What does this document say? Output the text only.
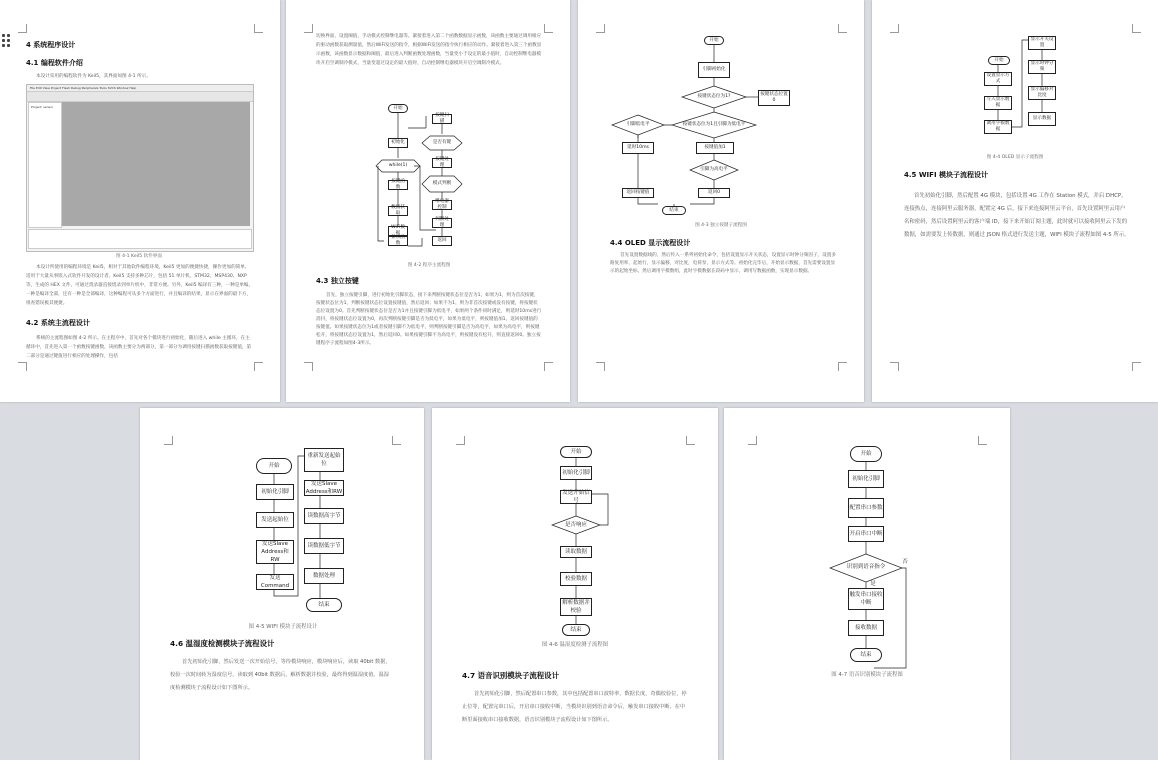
4 系统程序设计
4.1 编程软件介绍
本设计采用的编程软件为 Keil5，其界面如图 4-1 所示。
File Edit View Project Flash Debug Peripherals Tools SVCS Window Help
Project: sensor
图 4-1 Keil5 软件界面
本设计所使用的编程环境是 Keil5，相对于其他软件编程环境，Keil5 更加的便捷快捷，操作更加的简单，适用于大量从事嵌入式软件开发的设计者。Keil5 支持多种芯片，包括 51 单片机、STM32、MSP430、NXP 等，生成的 HEX 文件，可通过烧录器直接烧录到单片机中，非常方便。另外，Keil5 编译有三种，一种是单编，一种是编译全部，还有一种是全部编译，这种编程可从多个方面进行，并且编译的结果，显示在界面的最下方，排查错误极其便捷。
4.2 系统主流程设计
系统的主流程图如图 4-2 所示。在主程序中，首先对各个模块进行初始化，随后进入 while 主循环，在主循环中，首先进入第一个函数按键函数，该函数主要分为两部分，第一部分为调用按键扫描函数获取按键值，第二部分是通过键值进行相应的处理操作，包括
切换界面、设置阈值、手动模式控制继电器等。紧接着进入第二个函数数据显示函数，该函数主要通过调用相应的驱动函数获取测量值，然后WiFi发送的指令，根据WiFi发送的指令执行相应的动作。紧接着进入第三个函数显示函数，该函数显示数据和阈值，最后进入判断函数处理函数，当量变小于设定的最小值时，自动控制继电器模块开启空调制冷模式，当量变超过设定的最大值时，自动控制继电器模块开启空调制冷模式。
开始
初始化
while(1)
按键函数
数据获取
WiFi数据
显示函数
按键扫描
是否有键
按键处理
模式判断
继电器控制
判断处理
返回
图 4-2 程序主流程图
4.3 独立按键
首先，独立按键引脚，进行初始化引脚状态，接下来判断按键状态位是否为1，如果为1，则为首次按键，按键状态位为1，判断按键状态位设置按键值，然后返回；如果不为1，则为非首次按键或没有按键，将按键状态位设置为0。首先判断按键状态位是否为1并且按键引脚为低电平，如果两个条件同时满足，则延时10ms进行消抖，将按键状态位设置为0，再次判断按键引脚是否为低电平，如果为低电平，则按键值加1，返回按键值的按键值。如果按键状态位为1或者按键引脚不为低电平，则判断按键引脚是否为高电平，如果为高电平，则按键松开，将按键状态位设置为1，然后返回0。如果按键引脚不为高电平，则按键没有松开，则直接返回0。独立按键程序子流程如图4-3所示。
开始
引脚初始化
按键状态位为1?	按键状态位置0
按键状态位为1且引脚为低电平
引脚低电平
延时10ms	按键值加1
引脚为高电平
返回按键值	返回0
结束
图 4-3 独立按键子流程图
4.4 OLED 显示流程设计
首先设置数据线的，然后传入一系列初始化命令，包括设置显示开关状态，设置显示时钟分频因子，设置多路复用率，起始行，显示偏移，对比度，电荷泵，显示方式等。初始化完毕后，开始显示数据，首先需要设置显示的起始坐标，然后调用字模数组，此时字模数据在段码中显示，调用写数据函数，实现显示数据。
开始
设置显示方式
写入显示数据
调用字模数据
显示开关设置
显示时钟分频
显示偏移对比度
显示数据
图 4-4 OLED 显示子流程图
4.5 WIFI 模块子流程设计
首先初始化引脚，然后配置 4G 模块，包括设置 4G 工作在 Station 模式，并启 DHCP，连接热点，连接阿里云服务器，配置完 4G 后，接下来连接阿里云平台，首先设置阿里云用户名和密码，然后设置阿里云的客户端 ID，接下来开始订阅主题，此时就可以接收阿里云下发的数据，如需要发上传数据，则通过 JSON 格式进行发送主题，WIFI 模块子流程如图 4-5 所示。
开始
初始化引脚
发送起始位
发送Slave Address和RW
发送Command
重新发送起始位
发送Slave Address和RW
读数据高字节
读数据低字节
数据处理
结束
图 4-5 WIFI 模块子流程设计
4.6 温湿度检测模块子流程设计
首先初始化引脚，然后发送一次开始信号，等待模块响应，模块响应后，读取 40bit 数据，校验一次时间转为湿度信号，读取到 40bit 数据后，解析数据并校验，最终得到温湿度值。温湿度检测模块子流程设计如下图所示。
开始
初始化引脚
发送开始信号
是否响应
读取数据
校验数据
解析数据并校验
结束
图 4-6 温湿度检测子流程图
4.7 语音识别模块子流程设计
首先初始化引脚，然后配置串口参数，其中包括配置串口波特率，数据长度，奇偶校验位，停止位等，配置完串口后，开启串口接收中断，当模块识别到语音命令后，触发串口接收中断，在中断里面接收串口接收数据，语音识别模块子流程设计如下图所示。
开始
初始化引脚
配置串口参数
开启串口中断
识别到语音指令
是
否
触发串口接收中断
接收数据
结束
图 4-7 语音识别模块子流程图
